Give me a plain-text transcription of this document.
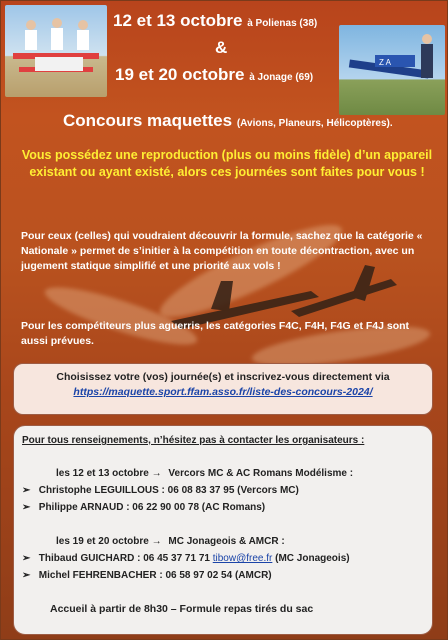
Z A
12 et 13 octobre à Polienas (38)
&
19 et 20 octobre à Jonage (69)
Concours maquettes (Avions, Planeurs, Hélicoptères).
Vous possédez une reproduction (plus ou moins fidèle) d’un appareil existant ou ayant existé, alors ces journées sont faites pour vous !
Pour ceux (celles) qui voudraient découvrir la formule, sachez que la catégorie « Nationale » permet de s’initier à la compétition en toute décontraction, avec un jugement statique simplifié et une priorité aux vols !
Pour les compétiteurs plus aguerris, les catégories F4C, F4H, F4G et F4J sont aussi prévues.
Choisissez votre (vos) journée(s) et inscrivez-vous directement via
https://maquette.sport.ffam.asso.fr/liste-des-concours-2024/
Pour tous renseignements, n’hésitez pas à contacter les organisateurs :
les 12 et 13 octobre → Vercors MC & AC Romans Modélisme :
➢ Christophe LEGUILLOUS : 06 08 83 37 95 (Vercors MC)
➢ Philippe ARNAUD : 06 22 90 00 78 (AC Romans)
les 19 et 20 octobre → MC Jonageois & AMCR :
➢ Thibaud GUICHARD : 06 45 37 71 71 tibow@free.fr (MC Jonageois)
➢ Michel FEHRENBACHER : 06 58 97 02 54 (AMCR)
Accueil à partir de 8h30 – Formule repas tirés du sac
